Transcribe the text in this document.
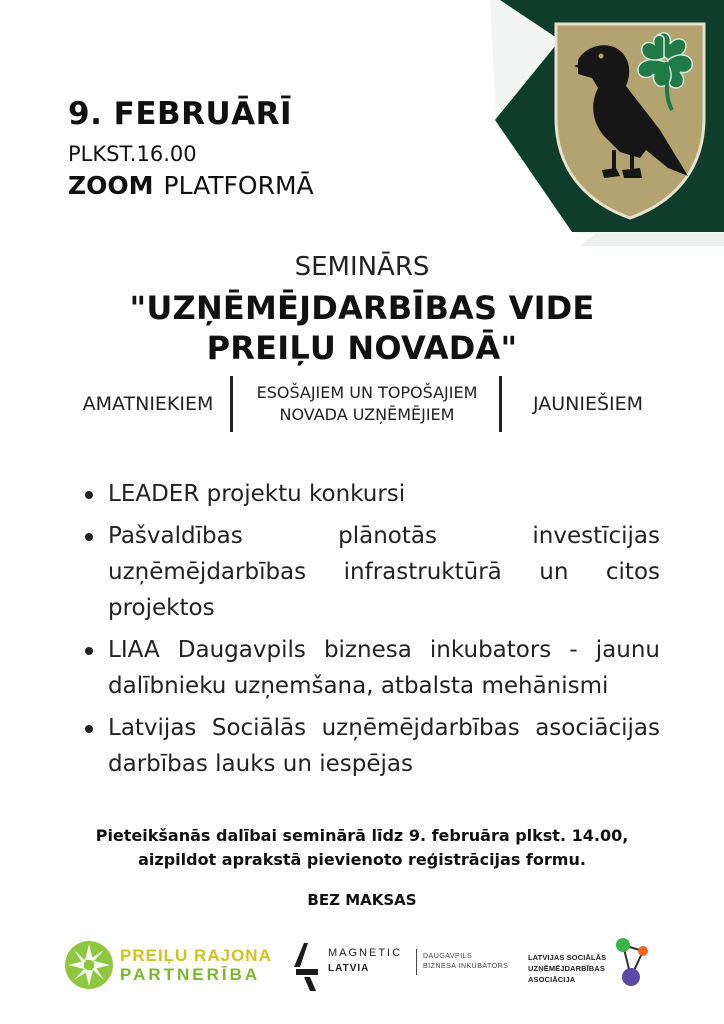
9. FEBRUĀRĪ
PLKST.16.00
ZOOM PLATFORMĀ
SEMINĀRS
"UZŅĒMĒJDARBĪBAS VIDE
PREIĻU NOVADĀ"
AMATNIEKIEM
ESOŠAJIEM UN TOPOŠAJIEM
NOVADA UZŅĒMĒJIEM	JAUNIEŠIEM
LEADER projektu konkursi
Pašvaldības plānotās investīcijas uzņēmējdarbības infrastruktūrā un citos projektos
LIAA Daugavpils biznesa inkubators - jaunu dalībnieku uzņemšana, atbalsta mehānismi
Latvijas Sociālās uzņēmējdarbības asociācijas darbības lauks un iespējas
Pieteikšanās dalībai seminārā līdz 9. februāra plkst. 14.00,
aizpildot aprakstā pievienoto reģistrācijas formu.
BEZ MAKSAS
PREIĻU RAJONA
PARTNERĪBA
MAGNETIC
LATVIA
DAUGAVPILS
BIZNESA INKUBATORS
LATVIJAS SOCIĀLĀS
UZŅĒMĒJDARBĪBAS
ASOCIĀCIJA
